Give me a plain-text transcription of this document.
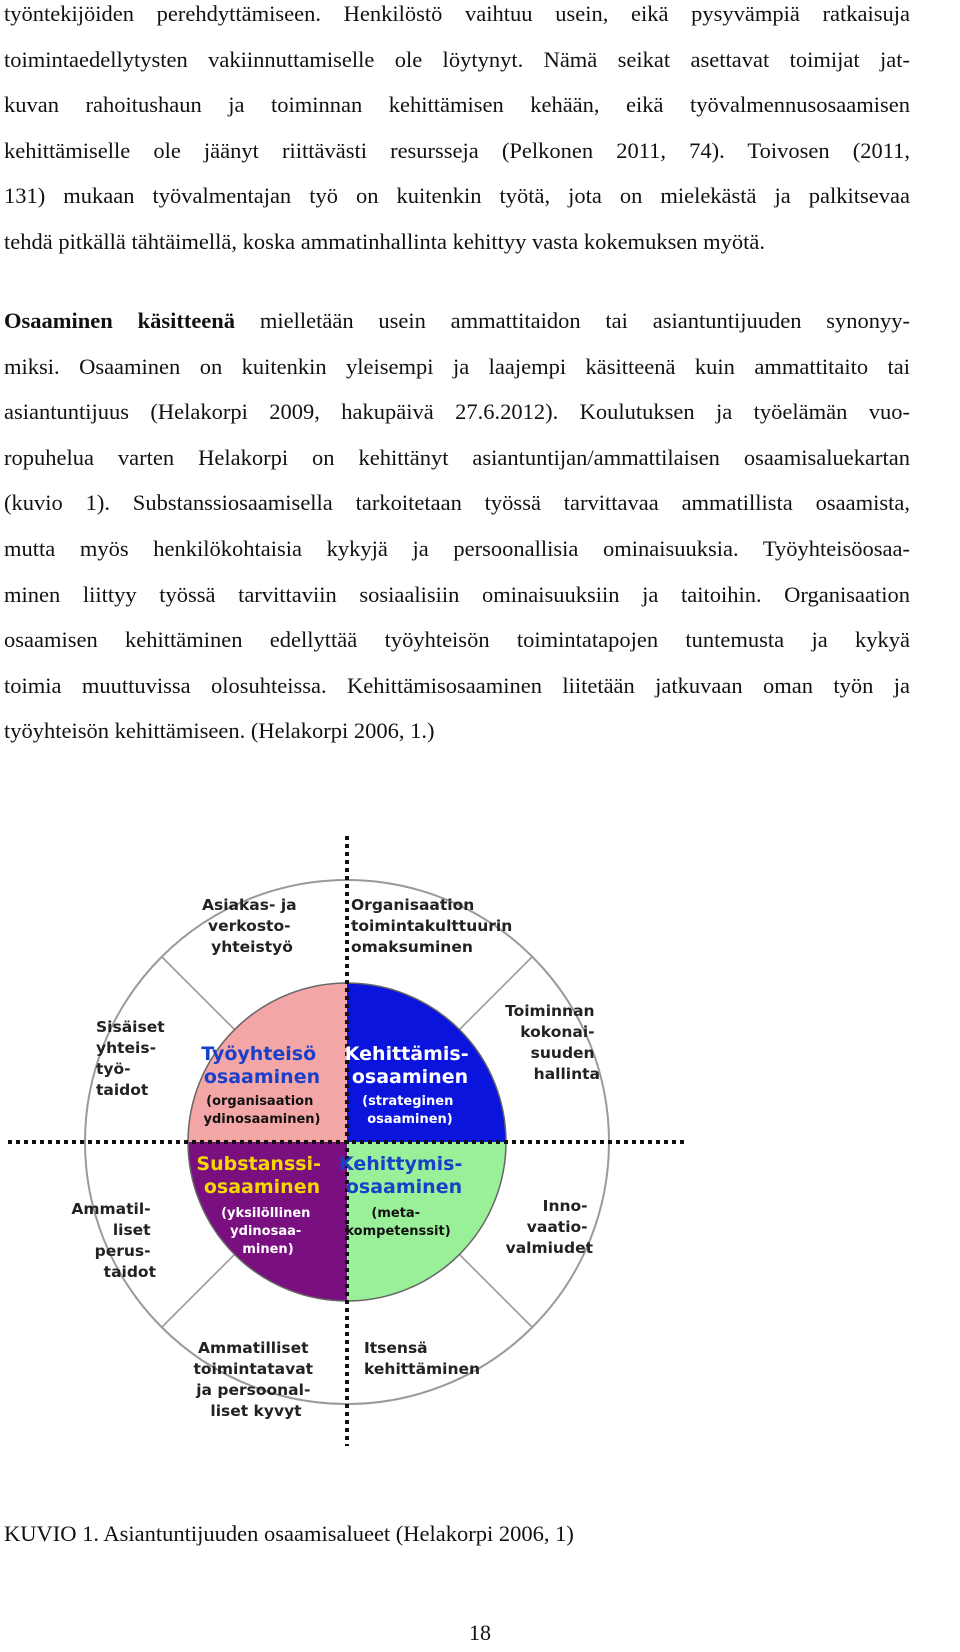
työntekijöiden perehdyttämiseen. Henkilöstö vaihtuu usein, eikä pysyvämpiä ratkaisuja
toimintaedellytysten vakiinnuttamiselle ole löytynyt. Nämä seikat asettavat toimijat jat-
kuvan rahoitushaun ja toiminnan kehittämisen kehään, eikä työvalmennusosaamisen
kehittämiselle ole jäänyt riittävästi resursseja (Pelkonen 2011, 74). Toivosen (2011,
131) mukaan työvalmentajan työ on kuitenkin työtä, jota on mielekästä ja palkitsevaa
tehdä pitkällä tähtäimellä, koska ammatinhallinta kehittyy vasta kokemuksen myötä.
Osaaminen käsitteenä mielletään usein ammattitaidon tai asiantuntijuuden synonyy-
miksi. Osaaminen on kuitenkin yleisempi ja laajempi käsitteenä kuin ammattitaito tai
asiantuntijuus (Helakorpi 2009, hakupäivä 27.6.2012). Koulutuksen ja työelämän vuo-
ropuhelua varten Helakorpi on kehittänyt asiantuntijan/ammattilaisen osaamisaluekartan
(kuvio 1). Substanssiosaamisella tarkoitetaan työssä tarvittavaa ammatillista osaamista,
mutta myös henkilökohtaisia kykyjä ja persoonallisia ominaisuuksia. Työyhteisöosaa-
minen liittyy työssä tarvittaviin sosiaalisiin ominaisuuksiin ja taitoihin. Organisaation
osaamisen kehittäminen edellyttää työyhteisön toimintatapojen tuntemusta ja kykyä
toimia muuttuvissa olosuhteissa. Kehittämisosaaminen liitetään jatkuvaan oman työn ja
työyhteisön kehittämiseen. (Helakorpi 2006, 1.)
Asiakas- ja verkosto- yhteistyö
Organisaation toimintakulttuurin omaksuminen
Toiminnan kokonai- suuden hallinta
Inno- vaatio- valmiudet
Itsensä kehittäminen
Ammatilliset toimintatavat ja persoonal- liset kyvyt
Ammatil- liset perus- taidot
Sisäiset yhteis- työ- taidot
Työyhteisö osaaminen
(organisaation ydinosaaminen)
Kehittämis- osaaminen
(strateginen osaaminen)
Kehittymis- osaaminen
(meta- kompetenssit)
Substanssi- osaaminen
(yksilöllinen ydinosaa- minen)
KUVIO 1. Asiantuntijuuden osaamisalueet (Helakorpi 2006, 1)
18
